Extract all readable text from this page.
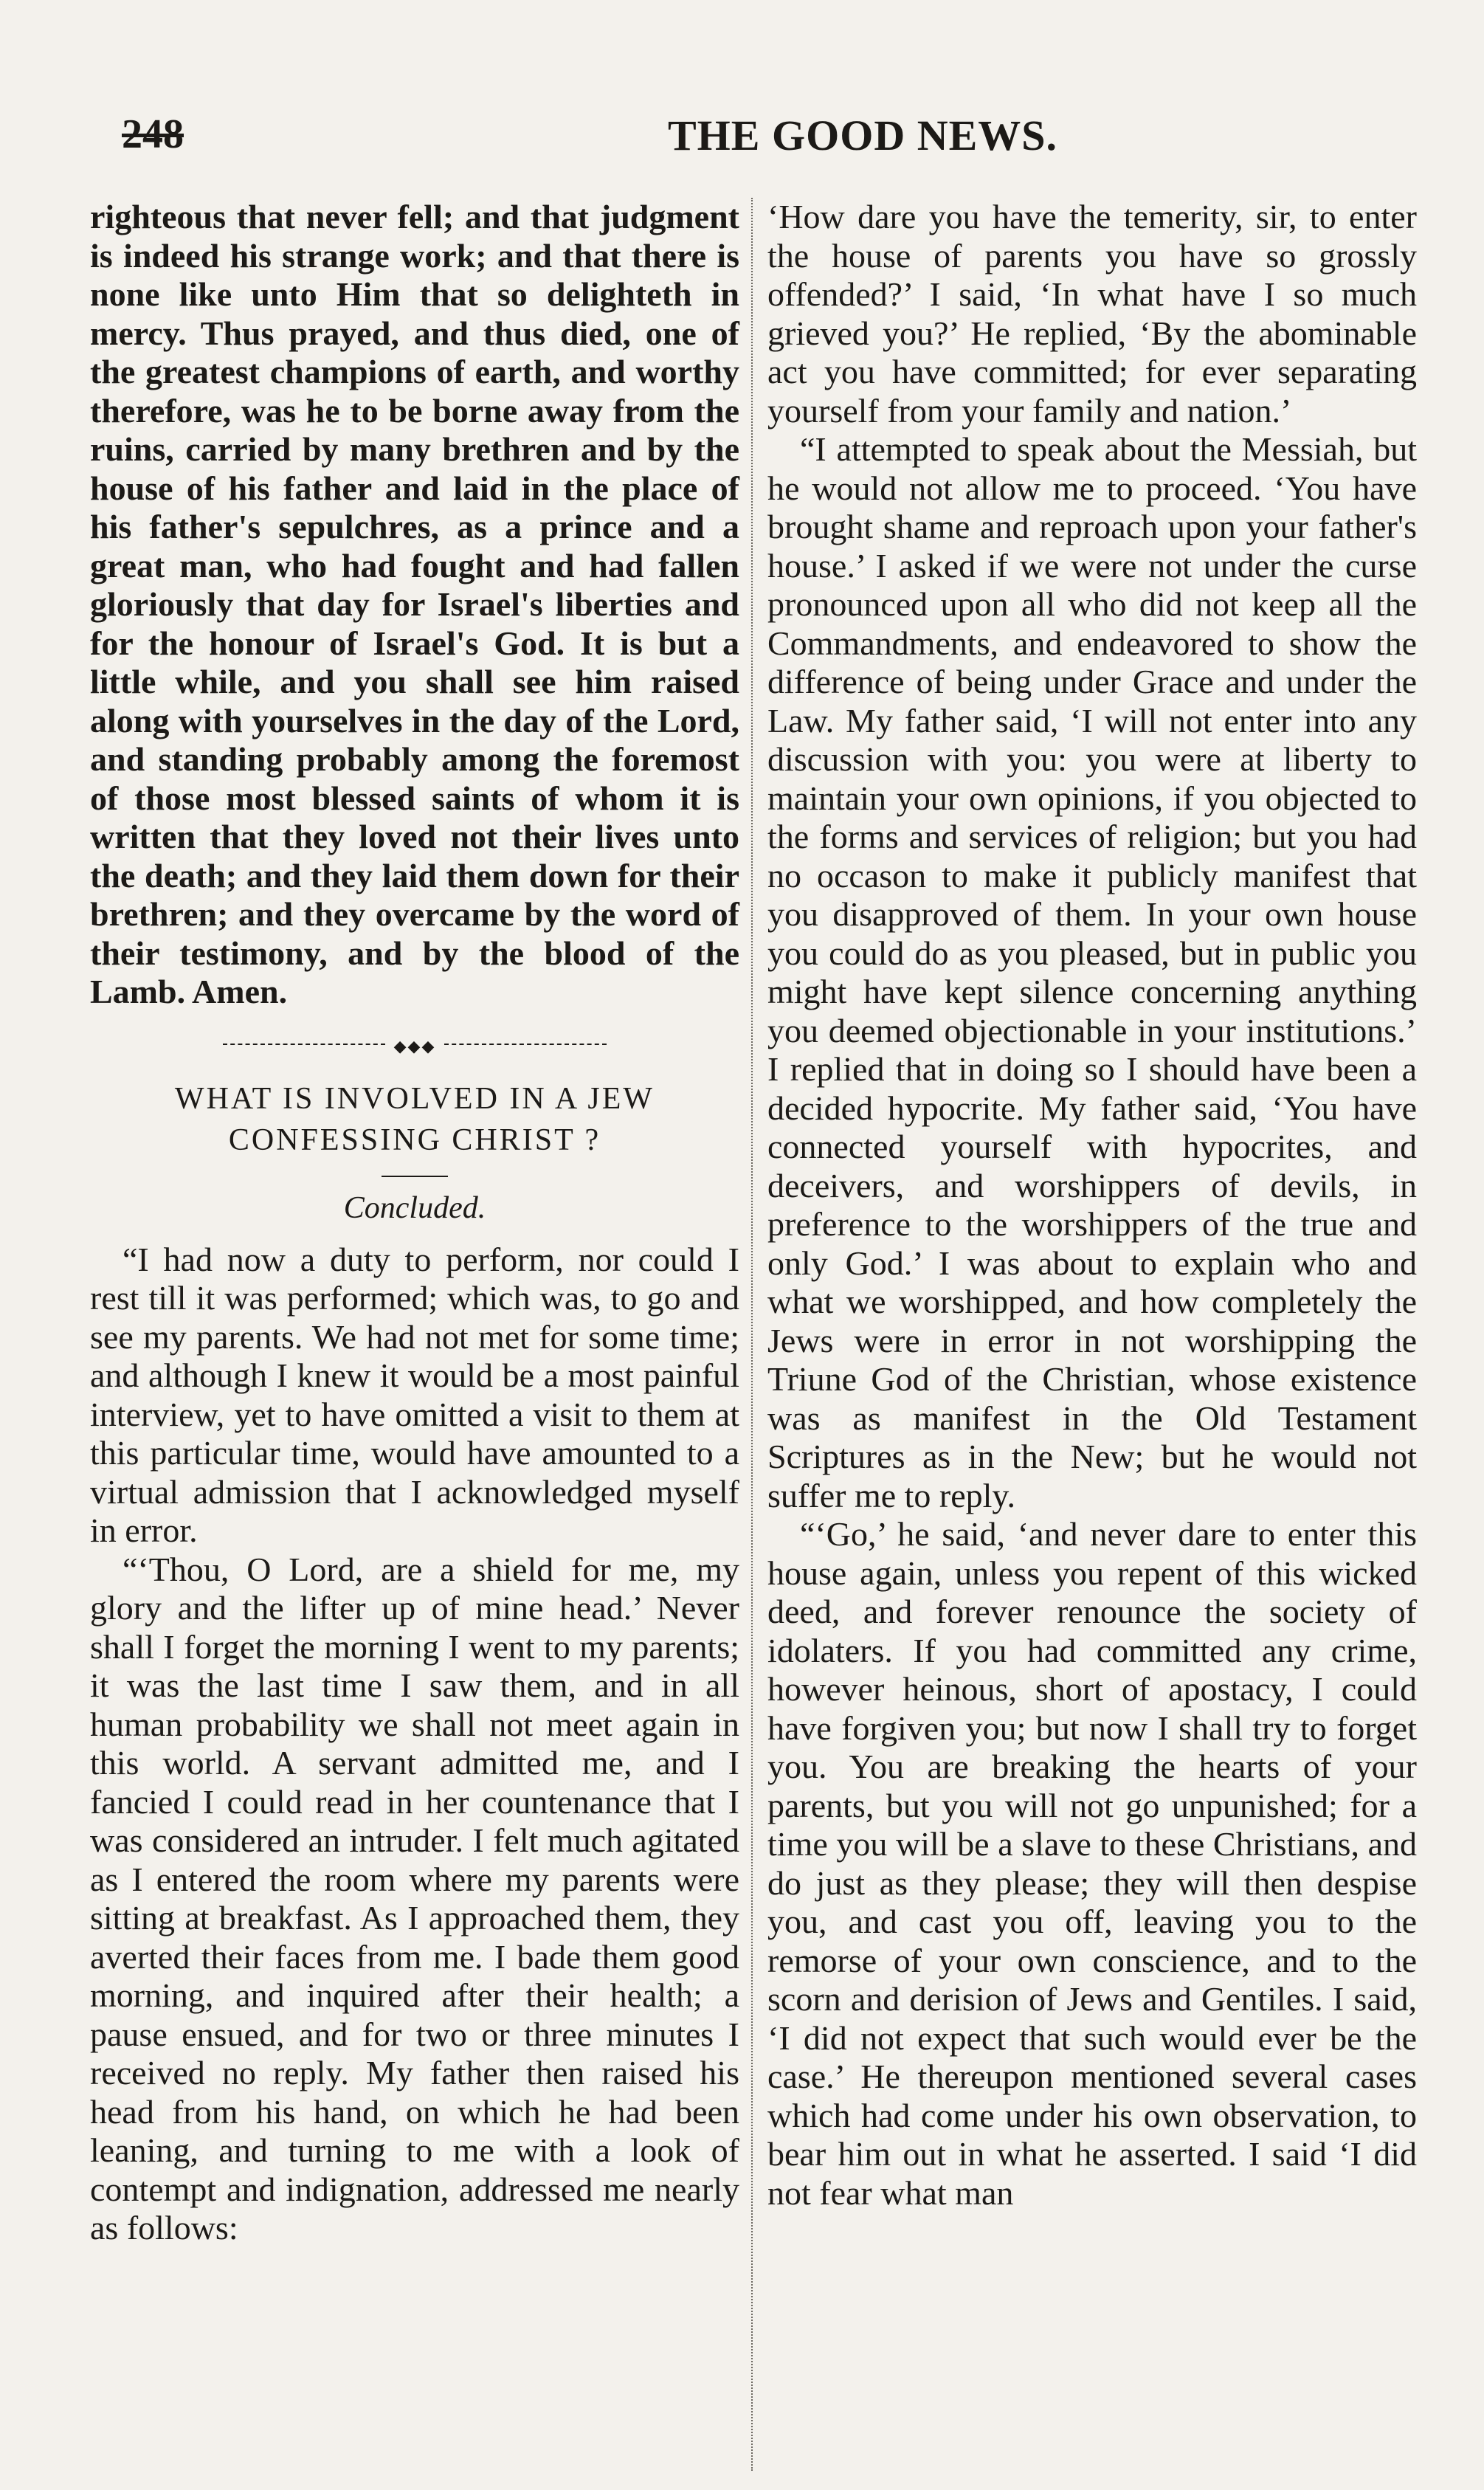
248	THE GOOD NEWS.

righteous that never fell; and that judgment is indeed his strange work; and that there is none like unto Him that so delighteth in mercy. Thus prayed, and thus died, one of the greatest champions of earth, and worthy therefore, was he to be borne away from the ruins, carried by many brethren and by the house of his father and laid in the place of his father's sepulchres, as a prince and a great man, who had fought and had fallen gloriously that day for Israel's liberties and for the honour of Israel's God. It is but a little while, and you shall see him raised along with yourselves in the day of the Lord, and standing probably among the foremost of those most blessed saints of whom it is written that they loved not their lives unto the death; and they laid them down for their brethren; and they overcame by the word of their testimony, and by the blood of the Lamb. Amen.

◆◆◆
WHAT IS INVOLVED IN A JEW CONFESSING CHRIST ?
Concluded.

“I had now a duty to perform, nor could I rest till it was performed; which was, to go and see my parents. We had not met for some time; and although I knew it would be a most painful interview, yet to have omitted a visit to them at this particular time, would have amounted to a virtual admission that I acknowledged myself in error.

“‘Thou, O Lord, are a shield for me, my glory and the lifter up of mine head.’ Never shall I forget the morning I went to my parents; it was the last time I saw them, and in all human probability we shall not meet again in this world. A servant admitted me, and I fancied I could read in her countenance that I was considered an intruder. I felt much agitated as I entered the room where my parents were sitting at breakfast. As I approached them, they averted their faces from me. I bade them good morning, and inquired after their health; a pause ensued, and for two or three minutes I received no reply. My father then raised his head from his hand, on which he had been leaning, and turning to me with a look of contempt and indignation, addressed me nearly as follows:

‘How dare you have the temerity, sir, to enter the house of parents you have so grossly offended?’ I said, ‘In what have I so much grieved you?’ He replied, ‘By the abominable act you have committed; for ever separating yourself from your family and nation.’

“I attempted to speak about the Messiah, but he would not allow me to proceed. ‘You have brought shame and reproach upon your father's house.’ I asked if we were not under the curse pronounced upon all who did not keep all the Commandments, and endeavored to show the difference of being under Grace and under the Law. My father said, ‘I will not enter into any discussion with you: you were at liberty to maintain your own opinions, if you objected to the forms and services of religion; but you had no occason to make it publicly manifest that you disapproved of them. In your own house you could do as you pleased, but in public you might have kept silence concerning anything you deemed objectionable in your institutions.’ I replied that in doing so I should have been a decided hypocrite. My father said, ‘You have connected yourself with hypocrites, and deceivers, and worshippers of devils, in preference to the worshippers of the true and only God.’ I was about to explain who and what we worshipped, and how completely the Jews were in error in not worshipping the Triune God of the Christian, whose existence was as manifest in the Old Testament Scriptures as in the New; but he would not suffer me to reply.

“‘Go,’ he said, ‘and never dare to enter this house again, unless you repent of this wicked deed, and forever renounce the society of idolaters. If you had committed any crime, however heinous, short of apostacy, I could have forgiven you; but now I shall try to forget you. You are breaking the hearts of your parents, but you will not go unpunished; for a time you will be a slave to these Christians, and do just as they please; they will then despise you, and cast you off, leaving you to the remorse of your own conscience, and to the scorn and derision of Jews and Gentiles. I said, ‘I did not expect that such would ever be the case.’ He thereupon mentioned several cases which had come under his own observation, to bear him out in what he asserted. I said ‘I did not fear what man
